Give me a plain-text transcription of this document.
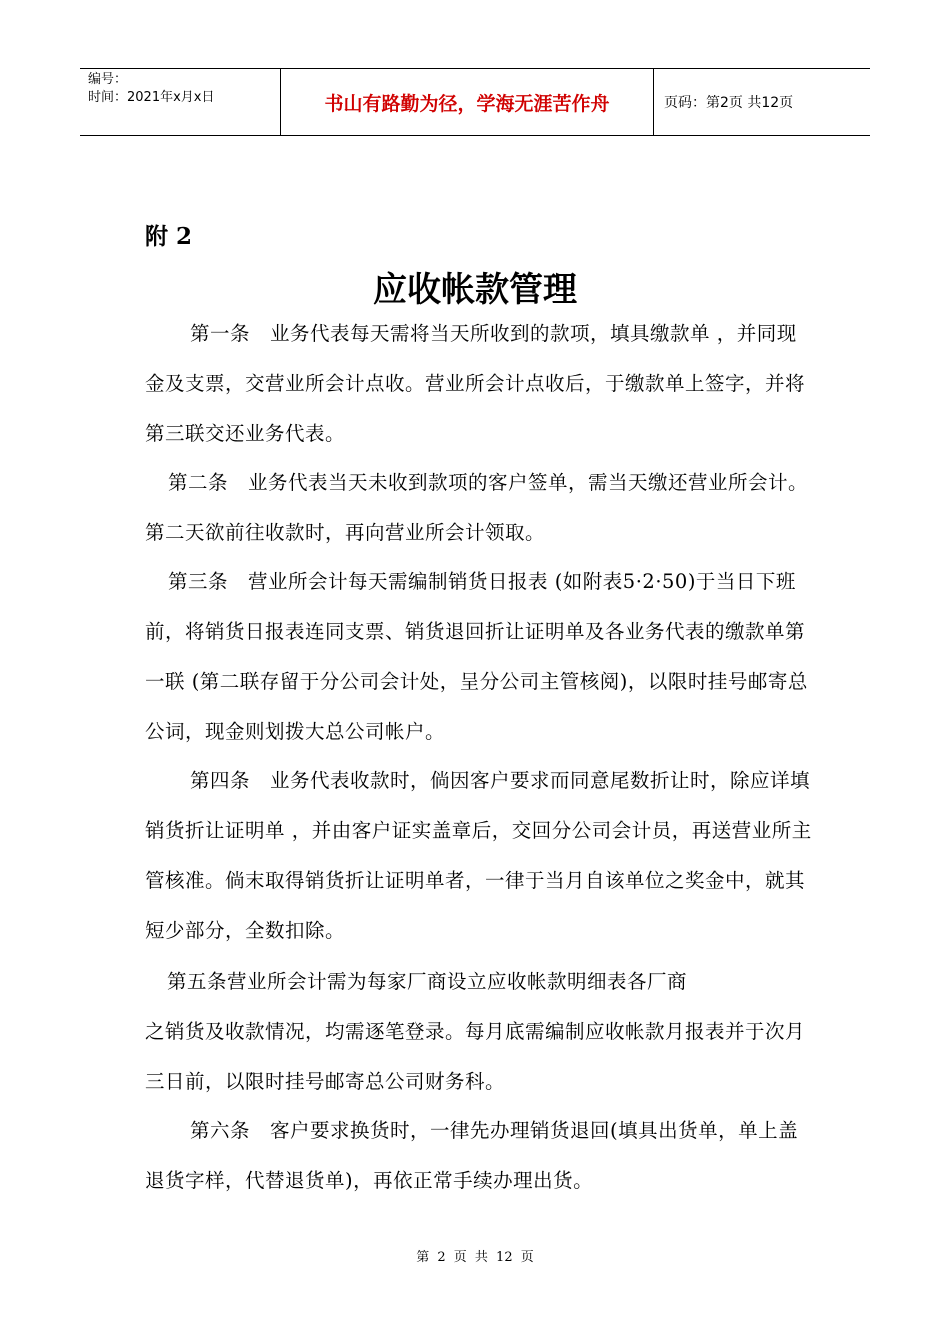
编号：
时间：2021年x月x日	书山有路勤为径，学海无涯苦作舟	页码：第2页 共12页
附 2
应收帐款管理
第一条　业务代表每天需将当天所收到的款项，填具缴款单 ，并同现金及支票，交营业所会计点收。营业所会计点收后，于缴款单上签字，并将第三联交还业务代表。
第二条　业务代表当天未收到款项的客户签单，需当天缴还营业所会计。第二天欲前往收款时，再向营业所会计领取。
第三条　营业所会计每天需编制销货日报表 (如附表5·2·50)于当日下班前，将销货日报表连同支票、销货退回折让证明单及各业务代表的缴款单第一联 (第二联存留于分公司会计处，呈分公司主管核阅)，以限时挂号邮寄总公词，现金则划拨大总公司帐户。
第四条　业务代表收款时，倘因客户要求而同意尾数折让时，除应详填销货折让证明单 ，并由客户证实盖章后，交回分公司会计员，再送营业所主管核准。倘末取得销货折让证明单者，一律于当月自该单位之奖金中，就其短少部分，全数扣除。
第五条营业所会计需为每家厂商设立应收帐款明细表各厂商
之销货及收款情况，均需逐笔登录。每月底需编制应收帐款月报表并于次月三日前，以限时挂号邮寄总公司财务科。
第六条　客户要求换货时，一律先办理销货退回(填具出货单，单上盖退货字样，代替退货单)，再依正常手续办理出货。
第 2 页 共 12 页
